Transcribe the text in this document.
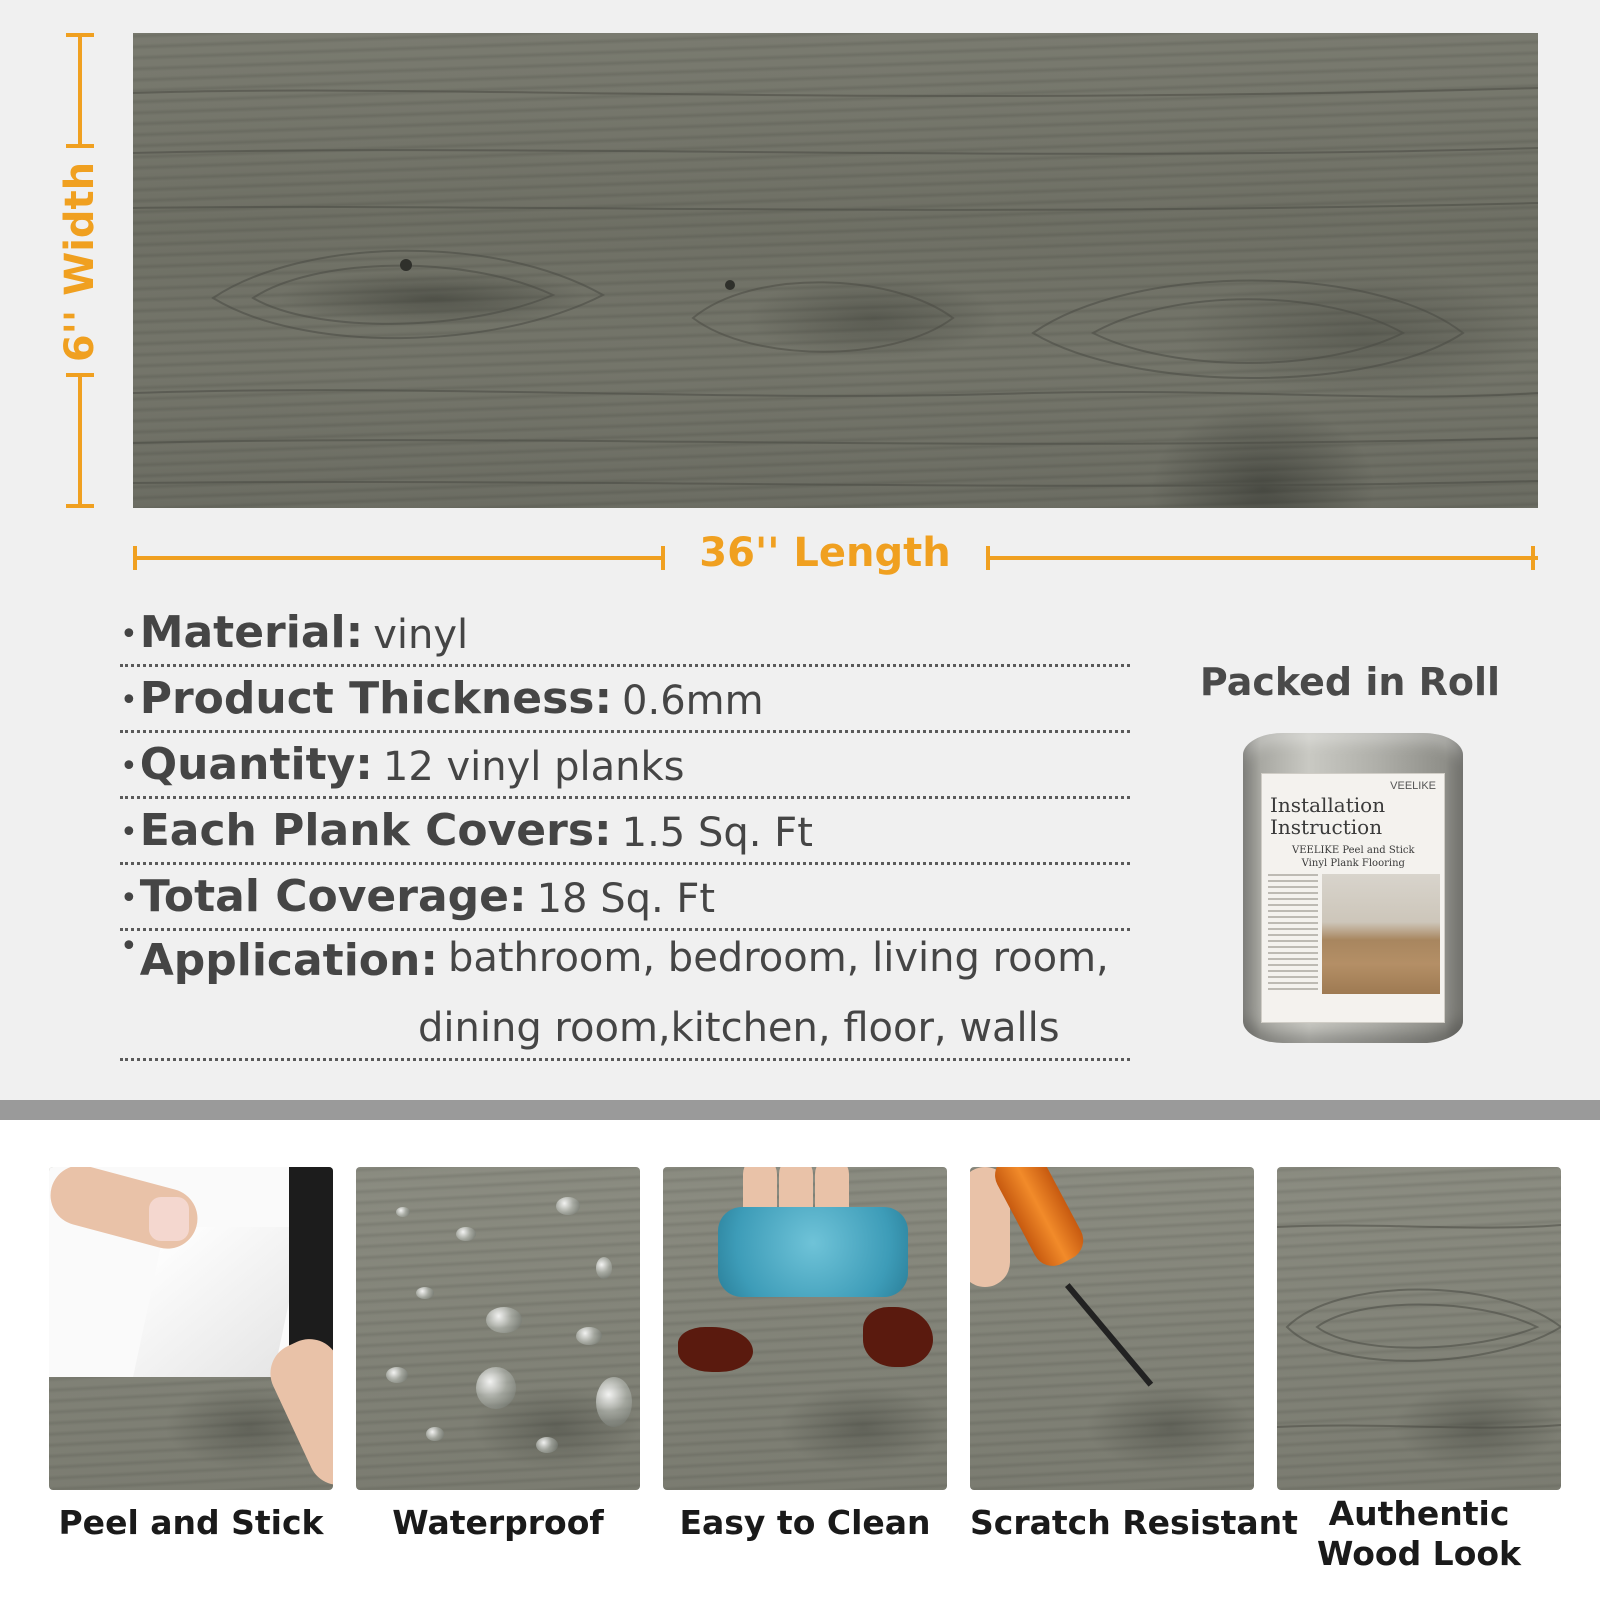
6'' Width
36'' Length
• Material: vinyl
• Product Thickness: 0.6mm
• Quantity: 12 vinyl planks
• Each Plank Covers: 1.5 Sq. Ft
• Total Coverage: 18 Sq. Ft
• Application: bathroom, bedroom, living room,
dining room,kitchen, floor, walls
Packed in Roll
VEELIKE
Installation
Instruction
VEELIKE Peel and Stick
Vinyl Plank Flooring
Peel and Stick	Waterproof	Easy to Clean	Scratch Resistant Authentic
Wood Look
